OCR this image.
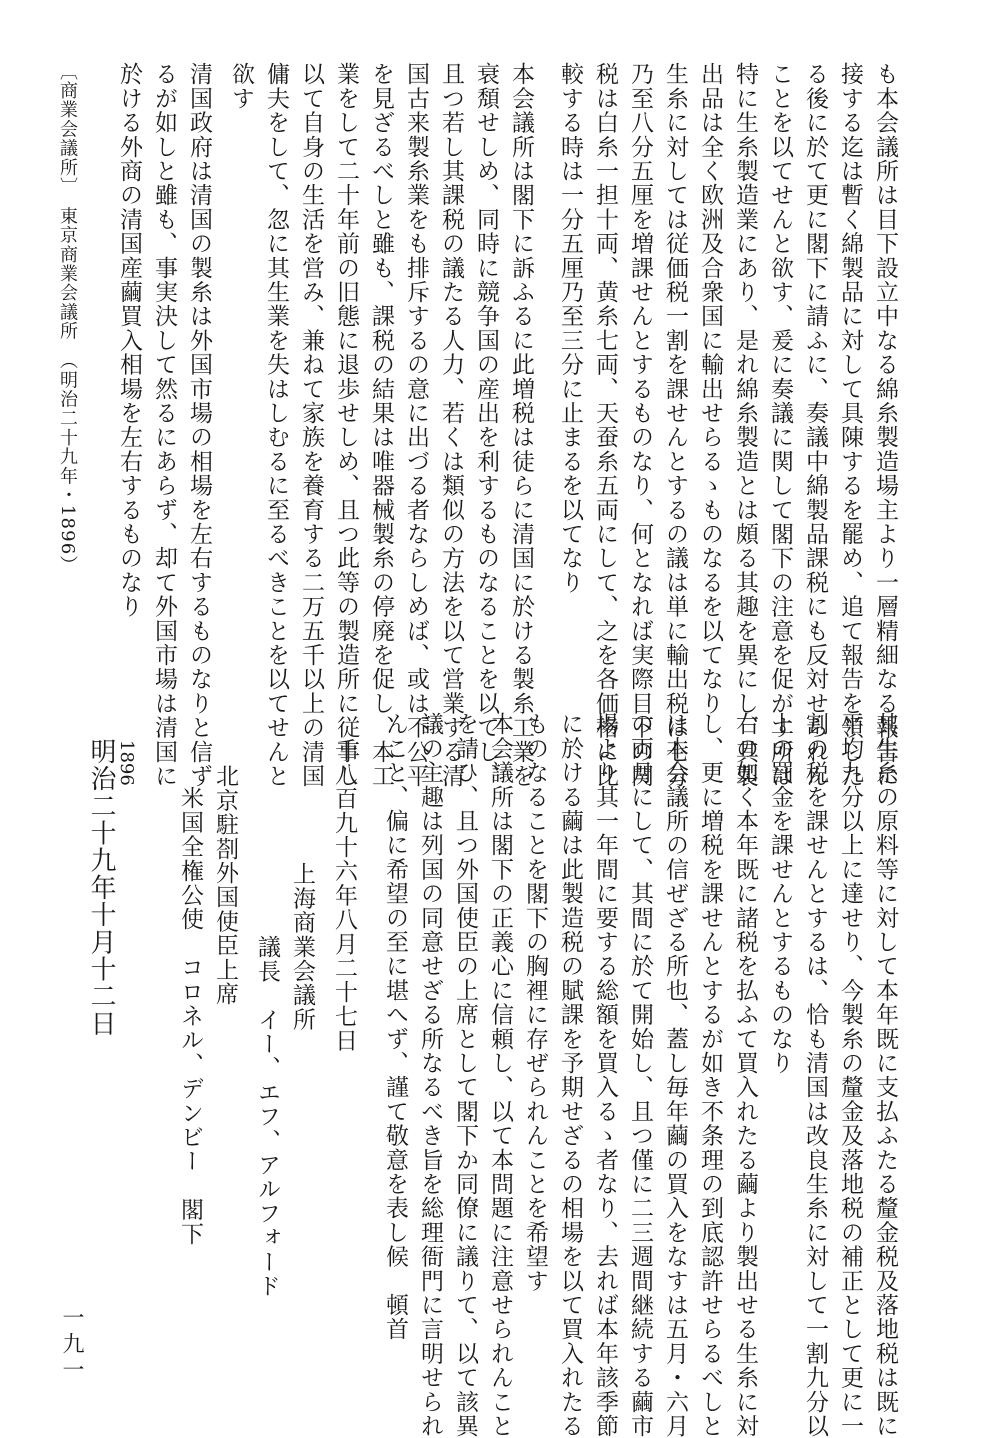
も本会議所は目下設立中なる綿糸製造場主より一層精細なる報告に
接する迄は暫く綿製品に対して具陳するを罷め、追て報告を領した
る後に於て更に閣下に請ふに、奏議中綿製品課税にも反対せられん
ことを以てせんと欲す、爰に奏議に関して閣下の注意を促がす所は
特に生糸製造業にあり、是れ綿糸製造とは頗る其趣を異にし、其製
出品は全く欧洲及合衆国に輸出せらるゝものなるを以てなり
生糸に対しては従価税一割を課せんとするの議は単に輸出税は七分
乃至八分五厘を増課せんとするものなり、何となれば実際目下の関
税は白糸一担十両、黄糸七両、天蚕糸五両にして、之を各価格に比
較する時は一分五厘乃至三分に止まるを以てなり
本会議所は閣下に訴ふるに此増税は徒らに清国に於ける製糸工業を
衰頽せしめ、同時に競争国の産出を利するものなることを以てし、
且つ若し其課税の議たる人力、若くは類似の方法を以て営業する清
国古来製糸業をも排斥するの意に出づる者ならしめば、或は不公平
を見ざるべしと雖も、課税の結果は唯器械製糸の停廃を促し、本工
業をして二十年前の旧態に退歩せしめ、且つ此等の製造所に従事し
以て自身の生活を営み、兼ねて家族を養育する二万五千以上の清国
傭夫をして、忽に其生業を失はしむるに至るべきことを以てせんと
欲す
清国政府は清国の製糸は外国市場の相場を左右するものなりと信ず
るが如しと雖も、事実決して然るにあらず、却て外国市場は清国に
於ける外商の清国産繭買入相場を左右するものなり
〔商業会議所〕　東京商業会議所　（明治二十九年・1896）
其生糸の原料等に対して本年既に支払ふたる釐金税及落地税は既に
平均九分以上に達せり、今製糸の釐金及落地税の補正として更に一
割の税を課せんとするは、恰も清国は改良生糸に対して一割九分以
上の罰金を課せんとするものなり
右の如く本年既に諸税を払ふて買入れたる繭より製出せる生糸に対
し、更に増税を課せんとするが如き不条理の到底認許せらるべしと
は本会議所の信ぜざる所也、蓋し毎年繭の買入をなすは五月・六月
の両月にして、其間に於て開始し、且つ僅に二三週間継続する繭市
場より其一年間に要する総額を買入るゝ者なり、去れば本年該季節
に於ける繭は此製造税の賦課を予期せざるの相場を以て買入れたる
ものなることを閣下の胸裡に存ぜられんことを希望す
本会議所は閣下の正義心に信頼し、以て本問題に注意せられんこと
を請ひ、且つ外国使臣の上席として閣下か同僚に議りて、以て該異
議の主趣は列国の同意せざる所なるべき旨を総理衙門に言明せられ
んこと、偏に希望の至に堪へず、謹て敬意を表し候　頓首
千八百九十六年八月二十七日
上海商業会議所
議長　イー、エフ、アルフォード
北京駐剳外国使臣上席
米国全権公使　コロネル、デンビー　閣下
1896
明治二十九年十月十二日
一九一
